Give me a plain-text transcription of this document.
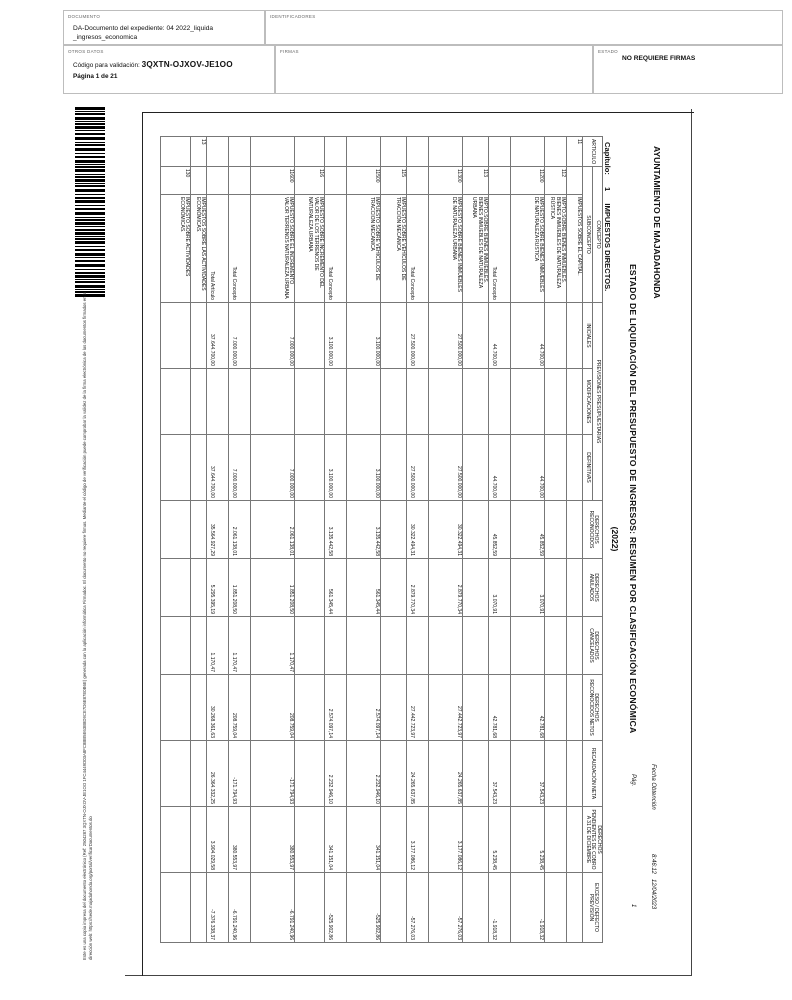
DOCUMENTO
DA-Documento del expediente: 04 2022_liquida _ingresos_economica
IDENTIFICADORES
OTROS DATOS
Código para validación: 3QXTN-OJXOV-JE1OO
Página 1 de 21
FIRMAS	ESTADO
NO REQUIERE FIRMAS
Este es una copia impresa del documento electrónico (Ref: 2504287 3QXTN-OJXOV-JE1OO 1FC4449D03A8FC8BB5E63B8D9CE7D6E87E0B6E) generada con la aplicación informática Firmadoc. El documento no requiere firmas. Mediante el código de verificación puede comprobar la validez de la firma electrónica de los documentos firmados en la dirección web: https://sede.majadahonda.org/portal/verificarDocumentos.do
AYUNTAMIENTO DE MAJADAHONDA
ESTADO DE LIQUIDACIÓN DEL PRESUPUESTO DE INGRESOS: RESUMEN POR CLASIFICACIÓN ECONÓMICA
(2022)
Fecha Obtención
8:46:12   12/04/2023
Pág.
1
Capítulo: 1 IMPUESTOS DIRECTOS.
ARTICULO	CONCEPTO		PREVISIONES PRESUPUESTARIAS			DERECHOS RECONOCIDOS	DERECHOS ANULADOS	DERECHOS CANCELADOS	DERECHOS RECONOCIDOS NETOS	RECAUDACIÓN NETA	DERECHOS PENDIENTES DE COBRO A 31 DE DICIEMBRE	EXCESO / DEFECTO PREVISIÓN
	SUBCONCEPTO		INICIALES	MODIFICACIONES	DEFINITIVAS							
11		IMPUESTOS SOBRE EL CAPITAL.										
	112	IMPTO.SOBRE BIENES INMUEBLES. BIENES INMUEBLES DE NATURALEZA RÚSTICA										
	11200	IMPUESTO SOBRE BIENES INMUEBLES DE NATURALEZA RUSTICA	44.700,00		44.700,00	45.852,59	3.070,91		42.781,68	37.543,23	5.238,45	-1.918,32
		Total Concepto	44.700,00		44.700,00	45.852,59	3.070,91		42.781,68	37.543,23	5.238,45	-1.918,32
	113	IMPTO.SOBRE BIENES INMUEBLES. BIENES INMUEBLES DE NATURALEZA URBANA										
	11300	IMPUESTO SOBRE BIENES INMUEBLES DE NATURALEZA URBANA	27.500.000,00		27.500.000,00	30.322.494,31	2.879.770,34		27.442.723,97	24.265.637,85	3.177.086,12	-57.276,03
		Total Concepto	27.500.000,00		27.500.000,00	30.322.494,31	2.879.770,34		27.442.723,97	24.265.637,85	3.177.086,12	-57.276,03
	115	IMPUESTO SOBRE VEHÍCULOS DE TRACCIÓN MECÁNICA										
	11500	IMPUESTO SOBRE VEHICULOS DE TRACCION MECANICA	3.100.000,00		3.100.000,00	3.135.442,58	561.345,44		2.574.097,14	2.232.946,10	341.151,04	-525.902,86
		Total Concepto	3.100.000,00		3.100.000,00	3.135.442,58	561.345,44		2.574.097,14	2.232.946,10	341.151,04	-525.902,86
	116	IMPUESTO SOBRE INCREMENTO DEL VALOR DE LOS TERRENOS DE NATURALEZA URBANA										
	11600	IMPUESTO SOBRE EL INCREMENTO VALOR TERRENOS NATURALEZA URBANA	7.000.000,00		7.000.000,00	2.061.138,01	1.851.208,50	1.170,47	208.759,04	-171.794,93	380.553,97	-6.791.240,96
		Total Concepto	7.000.000,00		7.000.000,00	2.061.138,01	1.851.208,50	1.170,47	208.759,04	-171.794,93	380.553,97	-6.791.240,96
		Total Artículo	37.644.700,00		37.644.700,00	35.564.927,29	5.295.395,19	1.170,47	30.268.361,63	26.364.332,25	3.904.029,58	-7.376.338,37
13		IMPUESTOS SOBRE LAS ACTIVIDADES ECONÓMICAS.										
	130	IMPUESTO SOBRE ACTIVIDADES ECONÓMICAS.										
